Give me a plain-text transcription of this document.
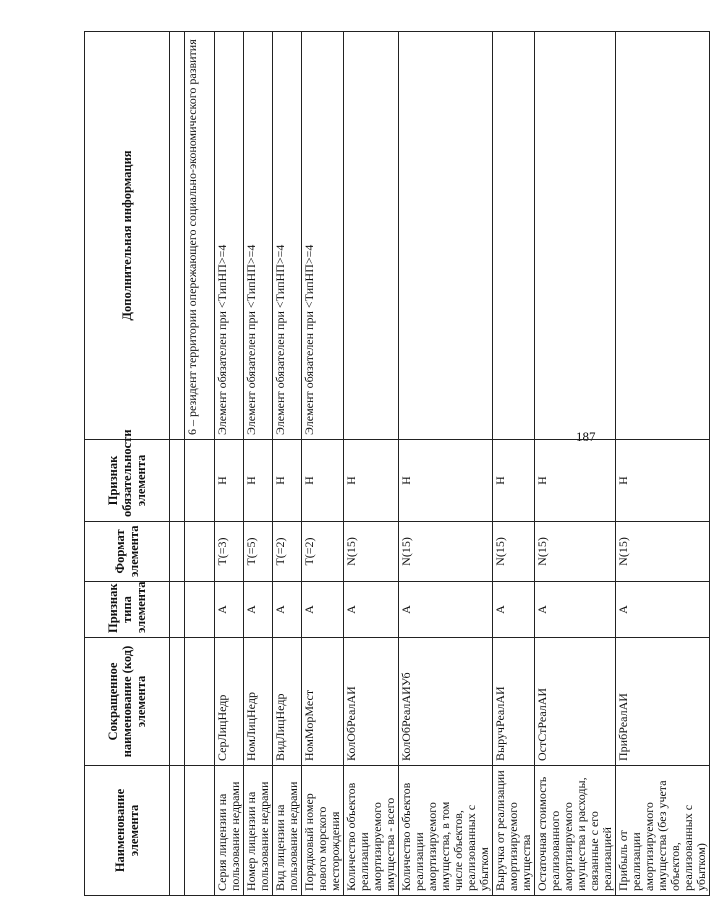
187
Наименование элемента	Сокращенное наименование (код) элемента	Признак типа элемента	Формат элемента	Признак обязательности элемента	Дополнительная информация

					6 – резидент территории опережающего социально-экономического развития
Серия лицензии на пользование недрами	СерЛицНедр	А	T(=3)	Н	Элемент обязателен при <ТипНП>=4
Номер лицензии на пользование недрами	НомЛицНедр	А	T(=5)	Н	Элемент обязателен при <ТипНП>=4
Вид лицензии на пользование недрами	ВидЛицНедр	А	T(=2)	Н	Элемент обязателен при <ТипНП>=4
Порядковый номер нового морского месторождения	НомМорМест	А	T(=2)	Н	Элемент обязателен при <ТипНП>=4
Количество объектов реализации амортизируемого имущества - всего	КолОбРеалАИ	А	N(15)	Н	
Количество объектов реализации амортизируемого имущества, в том числе объектов, реализованных с убытком	КолОбРеалАИУб	А	N(15)	Н	
Выручка от реализации амортизируемого имущества	ВыручРеалАИ	А	N(15)	Н	
Остаточная стоимость реализованного амортизируемого имущества и расходы, связанные с его реализацией	ОстСтРеалАИ	А	N(15)	Н	
Прибыль от реализации амортизируемого имущества (без учета объектов, реализованных с убытком)	ПрибРеалАИ	А	N(15)	Н	
